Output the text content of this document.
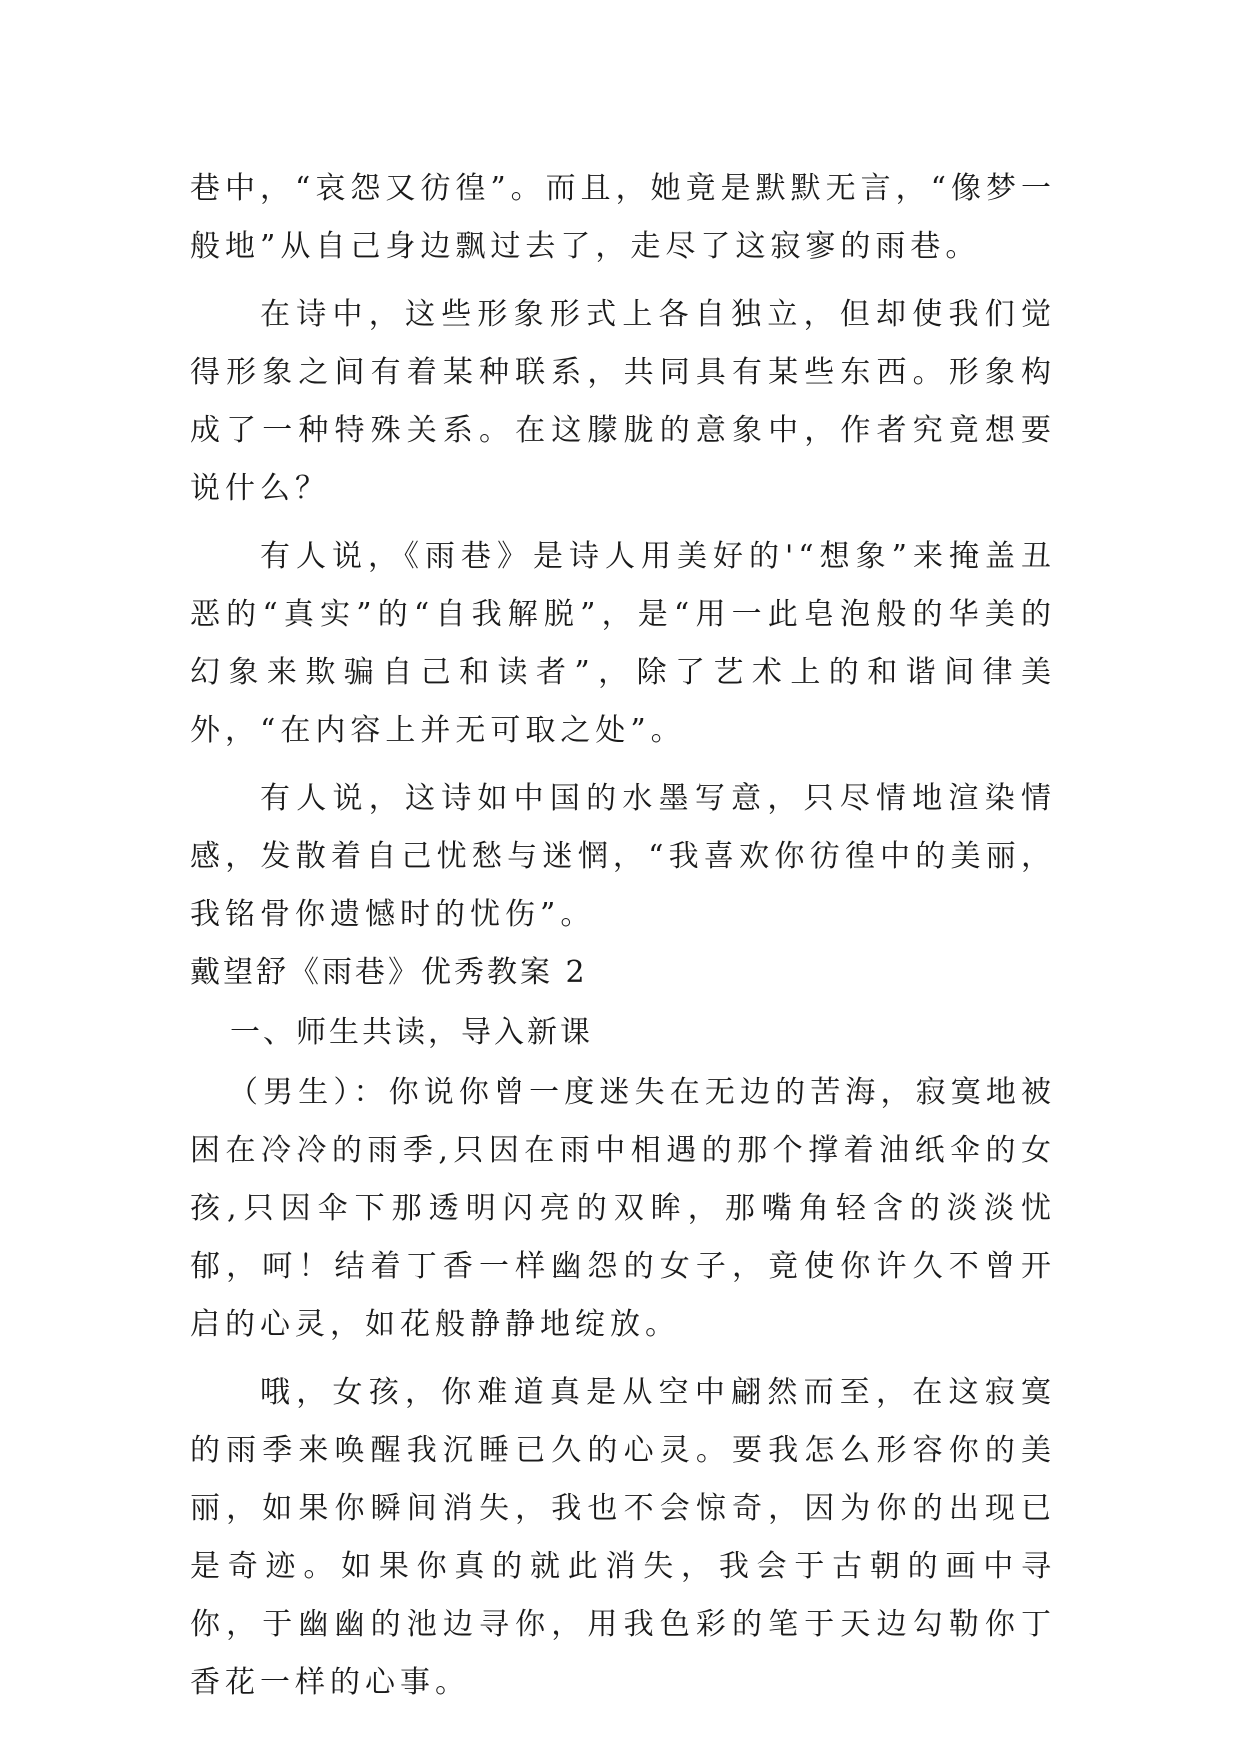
巷中，“哀怨又彷徨”。而且，她竟是默默无言，“像梦一般地”从自己身边飘过去了，走尽了这寂寥的雨巷。

在诗中，这些形象形式上各自独立，但却使我们觉得形象之间有着某种联系，共同具有某些东西。形象构成了一种特殊关系。在这朦胧的意象中，作者究竟想要说什么？

有人说，《雨巷》是诗人用美好的'“想象”来掩盖丑恶的“真实”的“自我解脱”，是“用一此皂泡般的华美的幻象来欺骗自己和读者”，除了艺术上的和谐间律美外，“在内容上并无可取之处”。

有人说，这诗如中国的水墨写意，只尽情地渲染情感，发散着自己忧愁与迷惘，“我喜欢你彷徨中的美丽，我铭骨你遗憾时的忧伤”。

戴望舒《雨巷》优秀教案 2

一、师生共读，导入新课

（男生）：你说你曾一度迷失在无边的苦海，寂寞地被困在冷冷的雨季,只因在雨中相遇的那个撑着油纸伞的女孩,只因伞下那透明闪亮的双眸，那嘴角轻含的淡淡忧郁，呵！结着丁香一样幽怨的女子，竟使你许久不曾开启的心灵，如花般静静地绽放。

哦，女孩，你难道真是从空中翩然而至，在这寂寞的雨季来唤醒我沉睡已久的心灵。要我怎么形容你的美丽，如果你瞬间消失，我也不会惊奇，因为你的出现已是奇迹。如果你真的就此消失，我会于古朝的画中寻你，于幽幽的池边寻你，用我色彩的笔于天边勾勒你丁香花一样的心事。
